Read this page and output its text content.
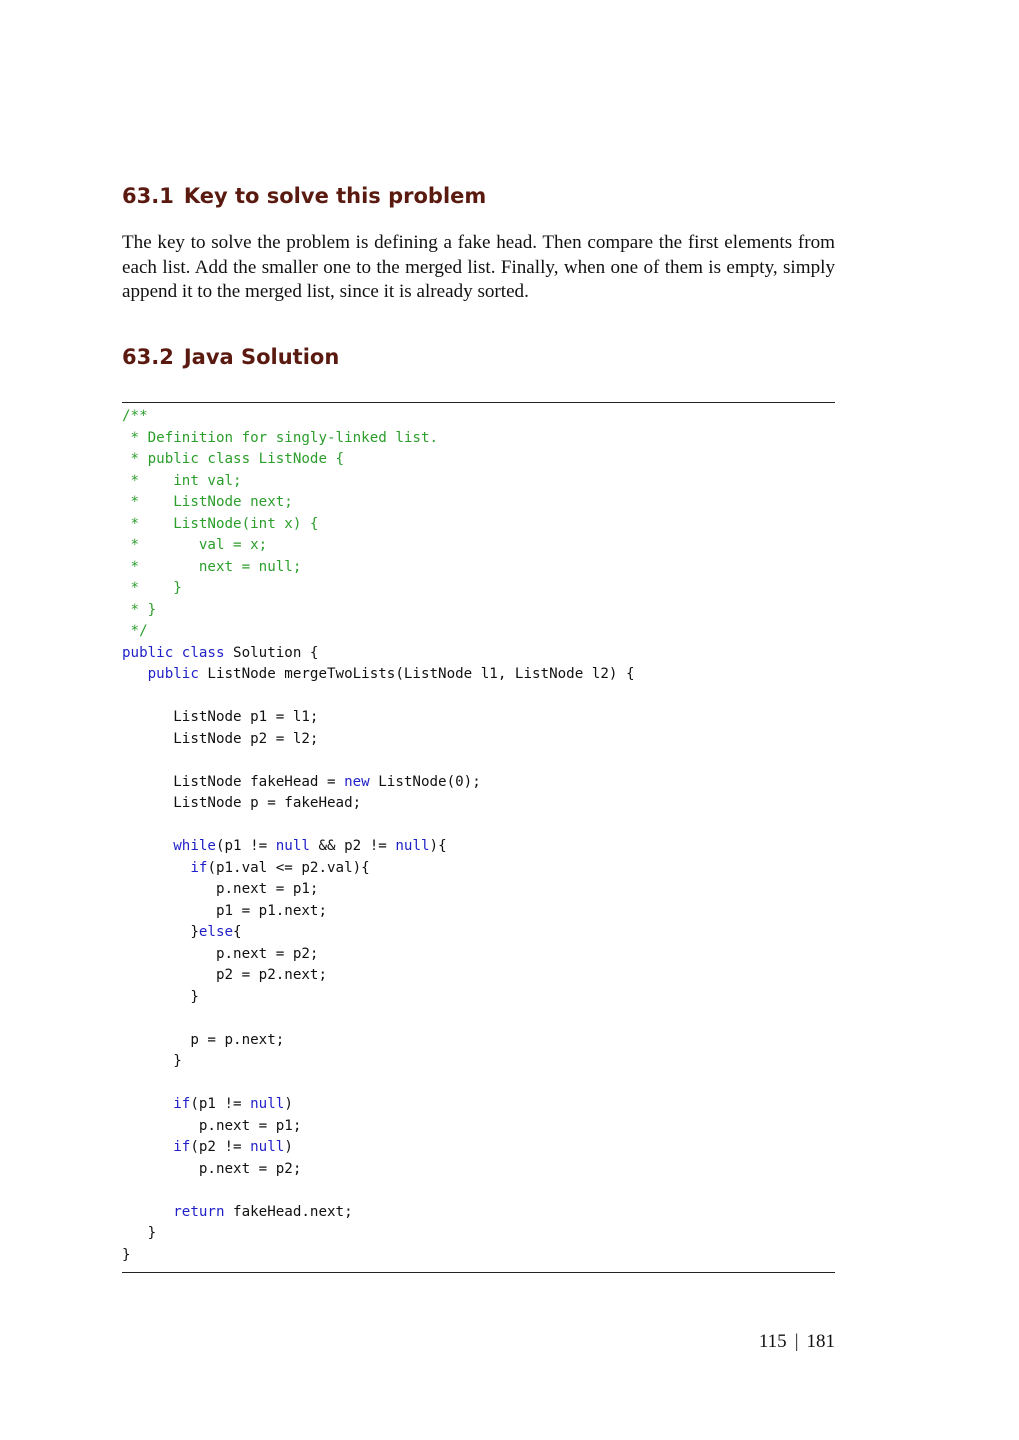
63.1 Key to solve this problem

The key to solve the problem is defining a fake head. Then compare the first elements from each list. Add the smaller one to the merged list. Finally, when one of them is empty, simply append it to the merged list, since it is already sorted.

63.2 Java Solution
/**
* Definition for singly-linked list.
* public class ListNode {
*    int val;
*    ListNode next;
*    ListNode(int x) {
*       val = x;
*       next = null;
*    }
* }
*/
public class Solution {
public ListNode mergeTwoLists(ListNode l1, ListNode l2) {
ListNode p1 = l1;
ListNode p2 = l2;
ListNode fakeHead = new ListNode(0);
ListNode p = fakeHead;
while(p1 != null && p2 != null){
if(p1.val <= p2.val){
p.next = p1;
p1 = p1.next;
}else{
p.next = p2;
p2 = p2.next;
}
p = p.next;
}
if(p1 != null)
p.next = p1;
if(p2 != null)
p.next = p2;
return fakeHead.next;
}
}
115 | 181
